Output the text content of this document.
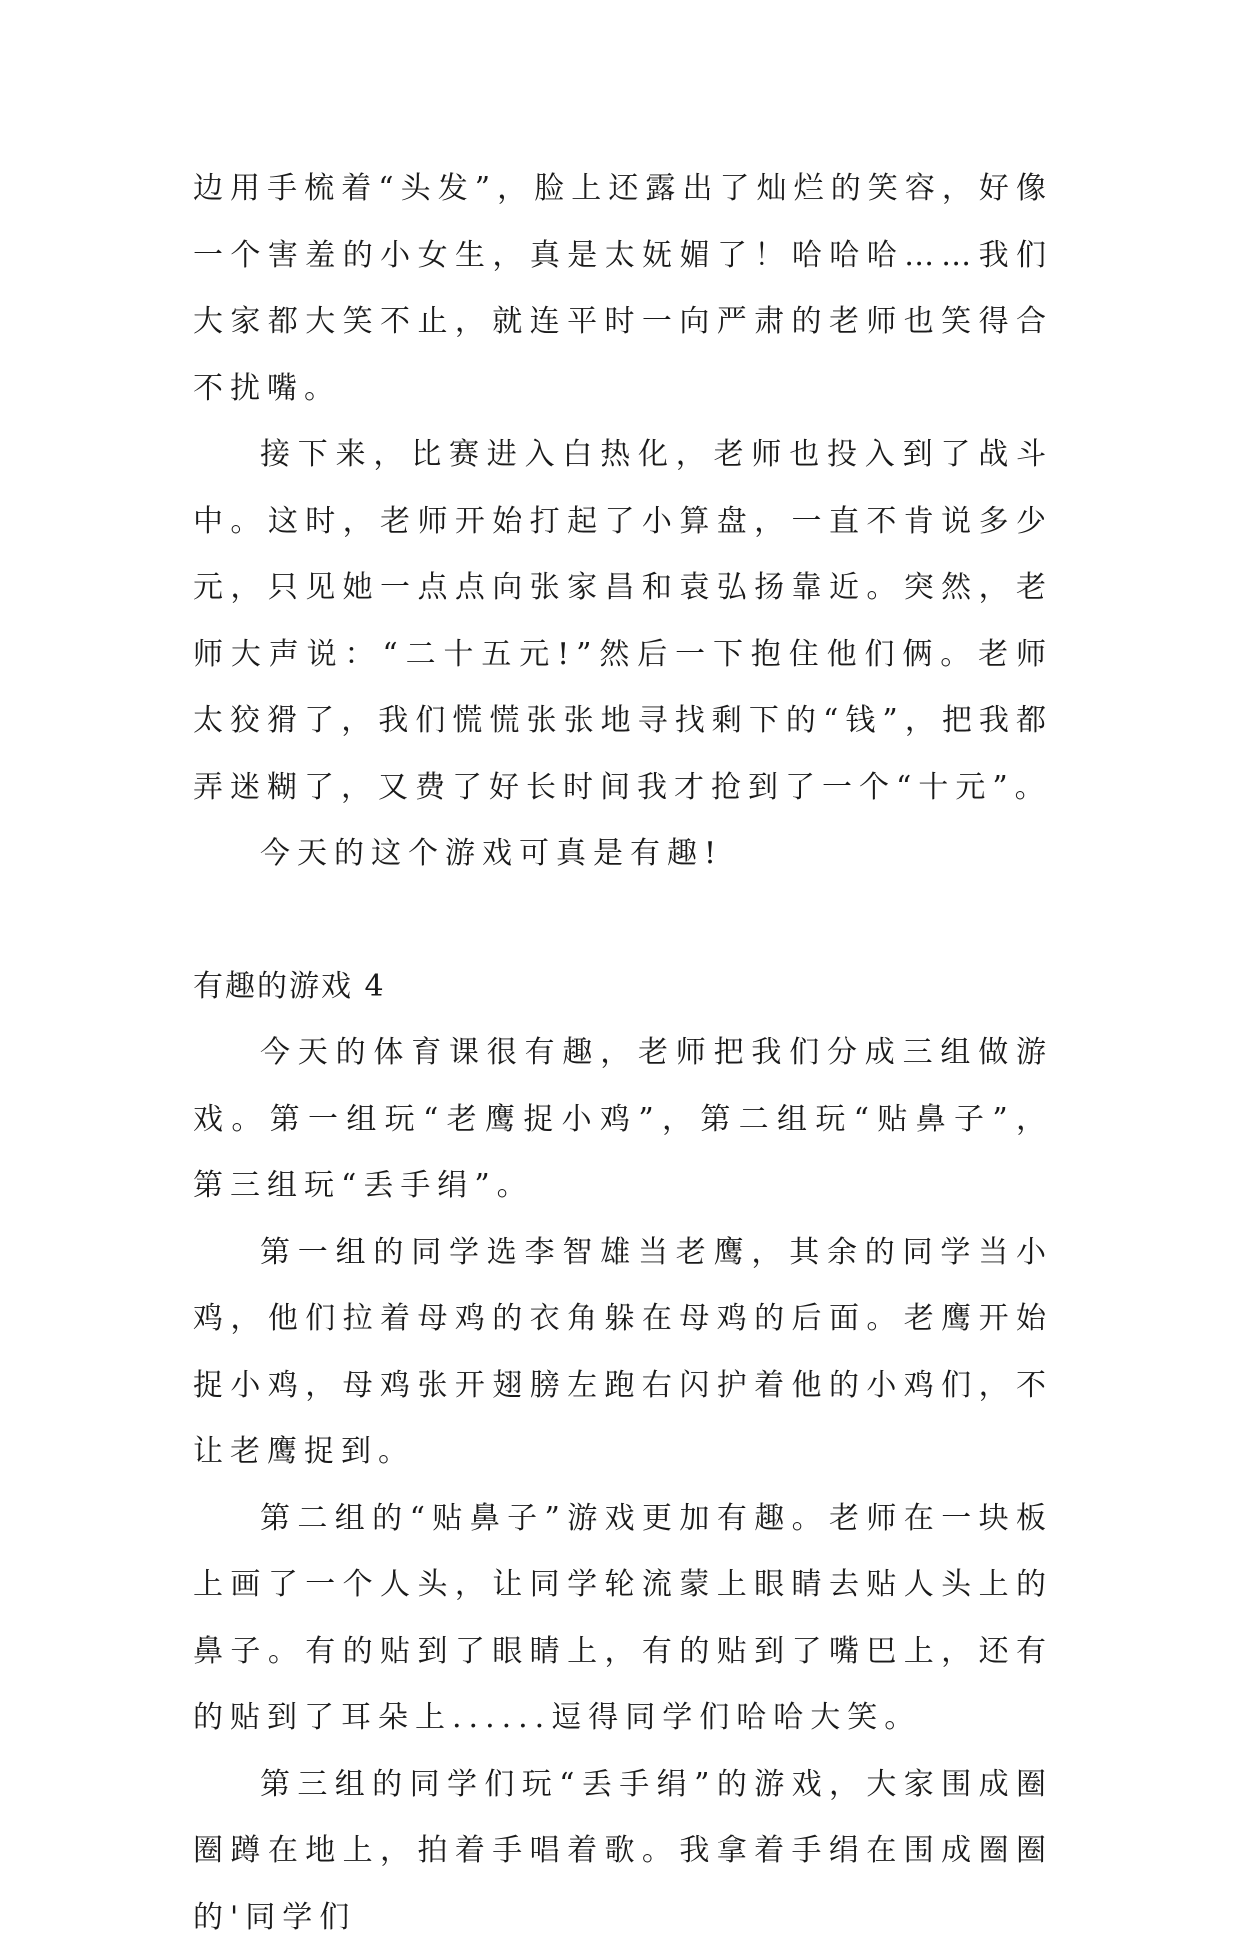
边用手梳着“头发”，脸上还露出了灿烂的笑容，好像一个害羞的小女生，真是太妩媚了！哈哈哈……我们大家都大笑不止，就连平时一向严肃的老师也笑得合不扰嘴。

接下来，比赛进入白热化，老师也投入到了战斗中。这时，老师开始打起了小算盘，一直不肯说多少元，只见她一点点向张家昌和袁弘扬靠近。突然，老师大声说：“二十五元!”然后一下抱住他们俩。老师太狡猾了，我们慌慌张张地寻找剩下的“钱”，把我都弄迷糊了，又费了好长时间我才抢到了一个“十元”。

今天的这个游戏可真是有趣!

有趣的游戏 4

今天的体育课很有趣，老师把我们分成三组做游戏。第一组玩“老鹰捉小鸡”，第二组玩“贴鼻子”，第三组玩“丢手绢”。

第一组的同学选李智雄当老鹰，其余的同学当小鸡，他们拉着母鸡的衣角躲在母鸡的后面。老鹰开始捉小鸡，母鸡张开翅膀左跑右闪护着他的小鸡们，不让老鹰捉到。

第二组的“贴鼻子”游戏更加有趣。老师在一块板上画了一个人头，让同学轮流蒙上眼睛去贴人头上的鼻子。有的贴到了眼睛上，有的贴到了嘴巴上，还有的贴到了耳朵上......逗得同学们哈哈大笑。

第三组的同学们玩“丢手绢”的游戏，大家围成圈圈蹲在地上，拍着手唱着歌。我拿着手绢在围成圈圈的'同学们
